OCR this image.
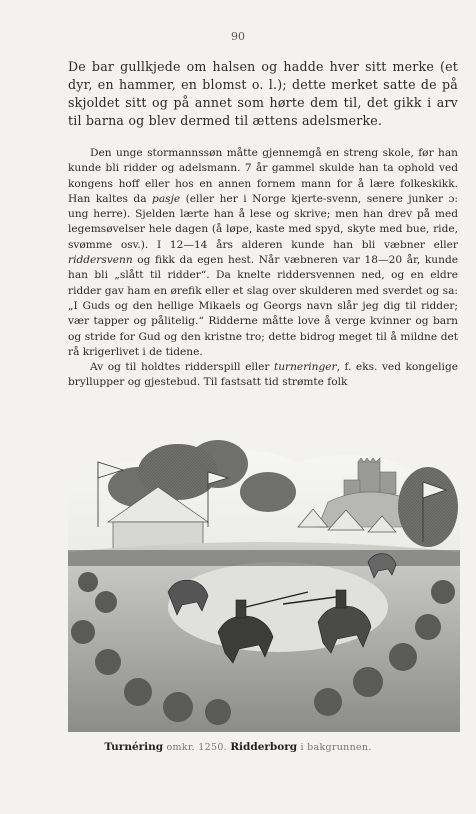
90

De bar gullkjede om halsen og hadde hver sitt merke (et dyr, en hammer, en blomst o. l.); dette merket satte de på skjoldet sitt og på annet som hørte dem til, det gikk i arv til barna og blev dermed til ættens adelsmerke.

Den unge stormannssøn måtte gjennemgå en streng skole, før han kunde bli ridder og adelsmann. 7 år gammel skulde han ta ophold ved kongens hoff eller hos en annen fornem mann for å lære folkeskikk. Han kaltes da pasje (eller her i Norge kjerte-svenn, senere junker ɔ: ung herre). Sjelden lærte han å lese og skrive; men han drev på med legemsøvelser hele dagen (å løpe, kaste med spyd, skyte med bue, ride, svømme osv.). I 12—14 års alderen kunde han bli væbner eller riddersvenn og fikk da egen hest. Når væbneren var 18—20 år, kunde han bli „slått til ridder“. Da knelte riddersvennen ned, og en eldre ridder gav ham en ørefik eller et slag over skulderen med sverdet og sa: „I Guds og den hellige Mikaels og Georgs navn slår jeg dig til ridder; vær tapper og pålitelig.“ Ridderne måtte love å verge kvinner og barn og stride for Gud og den kristne tro; dette bidrog meget til å mildne det rå krigerlivet i de tidene.

Av og til holdtes ridderspill eller turneringer, f. eks. ved kongelige bryllupper og gjestebud. Til fastsatt tid strømte folk

Turnéring omkr. 1250. Ridderborg i bakgrunnen.
